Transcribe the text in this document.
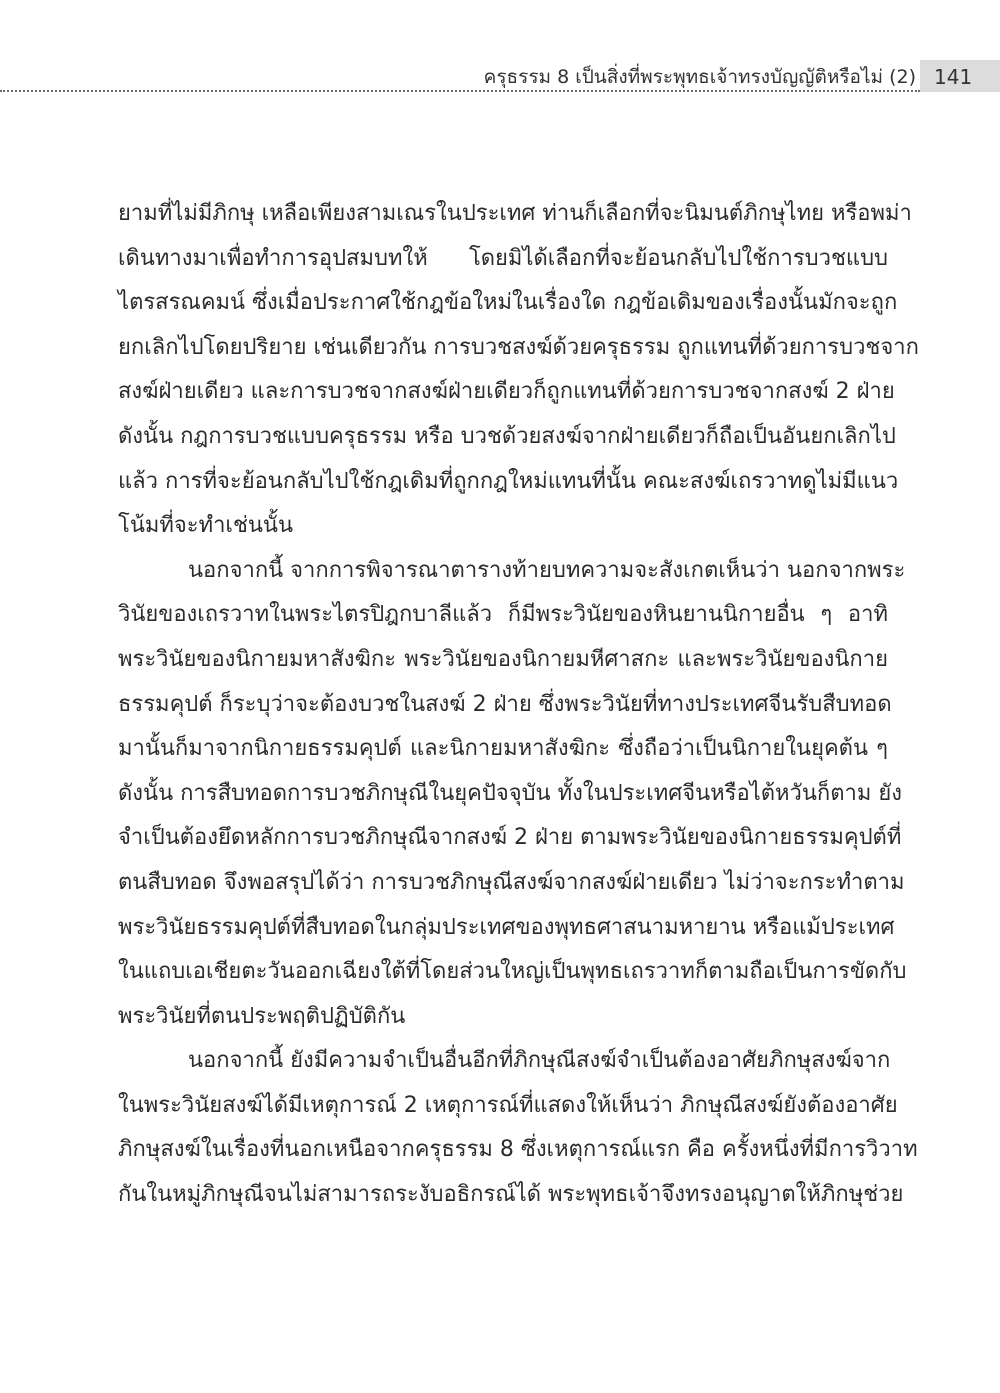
ครุธรรม 8 เป็นสิ่งที่พระพุทธเจ้าทรงบัญญัติหรือไม่ (2) 141
ยามที่ไม่มีภิกษุ เหลือเพียงสามเณรในประเทศ ท่านก็เลือกที่จะนิมนต์ภิกษุไทย หรือพม่า
เดินทางมาเพื่อทำการอุปสมบทให้ โดยมิได้เลือกที่จะย้อนกลับไปใช้การบวชแบบ
ไตรสรณคมน์ ซึ่งเมื่อประกาศใช้กฎข้อใหม่ในเรื่องใด กฎข้อเดิมของเรื่องนั้นมักจะถูก
ยกเลิกไปโดยปริยาย เช่นเดียวกัน การบวชสงฆ์ด้วยครุธรรม ถูกแทนที่ด้วยการบวชจาก
สงฆ์ฝ่ายเดียว และการบวชจากสงฆ์ฝ่ายเดียวก็ถูกแทนที่ด้วยการบวชจากสงฆ์ 2 ฝ่าย
ดังนั้น กฎการบวชแบบครุธรรม หรือ บวชด้วยสงฆ์จากฝ่ายเดียวก็ถือเป็นอันยกเลิกไป
แล้ว การที่จะย้อนกลับไปใช้กฎเดิมที่ถูกกฎใหม่แทนที่นั้น คณะสงฆ์เถรวาทดูไม่มีแนว
โน้มที่จะทำเช่นนั้น
นอกจากนี้ จากการพิจารณาตารางท้ายบทความจะสังเกตเห็นว่า นอกจากพระ
วินัยของเถรวาทในพระไตรปิฎกบาลีแล้ว ก็มีพระวินัยของหินยานนิกายอื่น ๆ อาทิ
พระวินัยของนิกายมหาสังฆิกะ พระวินัยของนิกายมหีศาสกะ และพระวินัยของนิกาย
ธรรมคุปต์ ก็ระบุว่าจะต้องบวชในสงฆ์ 2 ฝ่าย ซึ่งพระวินัยที่ทางประเทศจีนรับสืบทอด
มานั้นก็มาจากนิกายธรรมคุปต์ และนิกายมหาสังฆิกะ ซึ่งถือว่าเป็นนิกายในยุคต้น ๆ
ดังนั้น การสืบทอดการบวชภิกษุณีในยุคปัจจุบัน ทั้งในประเทศจีนหรือไต้หวันก็ตาม ยัง
จำเป็นต้องยึดหลักการบวชภิกษุณีจากสงฆ์ 2 ฝ่าย ตามพระวินัยของนิกายธรรมคุปต์ที่
ตนสืบทอด จึงพอสรุปได้ว่า การบวชภิกษุณีสงฆ์จากสงฆ์ฝ่ายเดียว ไม่ว่าจะกระทำตาม
พระวินัยธรรมคุปต์ที่สืบทอดในกลุ่มประเทศของพุทธศาสนามหายาน หรือแม้ประเทศ
ในแถบเอเชียตะวันออกเฉียงใต้ที่โดยส่วนใหญ่เป็นพุทธเถรวาทก็ตามถือเป็นการขัดกับ
พระวินัยที่ตนประพฤติปฏิบัติกัน
นอกจากนี้ ยังมีความจำเป็นอื่นอีกที่ภิกษุณีสงฆ์จำเป็นต้องอาศัยภิกษุสงฆ์จาก
ในพระวินัยสงฆ์ได้มีเหตุการณ์ 2 เหตุการณ์ที่แสดงให้เห็นว่า ภิกษุณีสงฆ์ยังต้องอาศัย
ภิกษุสงฆ์ในเรื่องที่นอกเหนือจากครุธรรม 8 ซึ่งเหตุการณ์แรก คือ ครั้งหนึ่งที่มีการวิวาท
กันในหมู่ภิกษุณีจนไม่สามารถระงับอธิกรณ์ได้ พระพุทธเจ้าจึงทรงอนุญาตให้ภิกษุช่วย
